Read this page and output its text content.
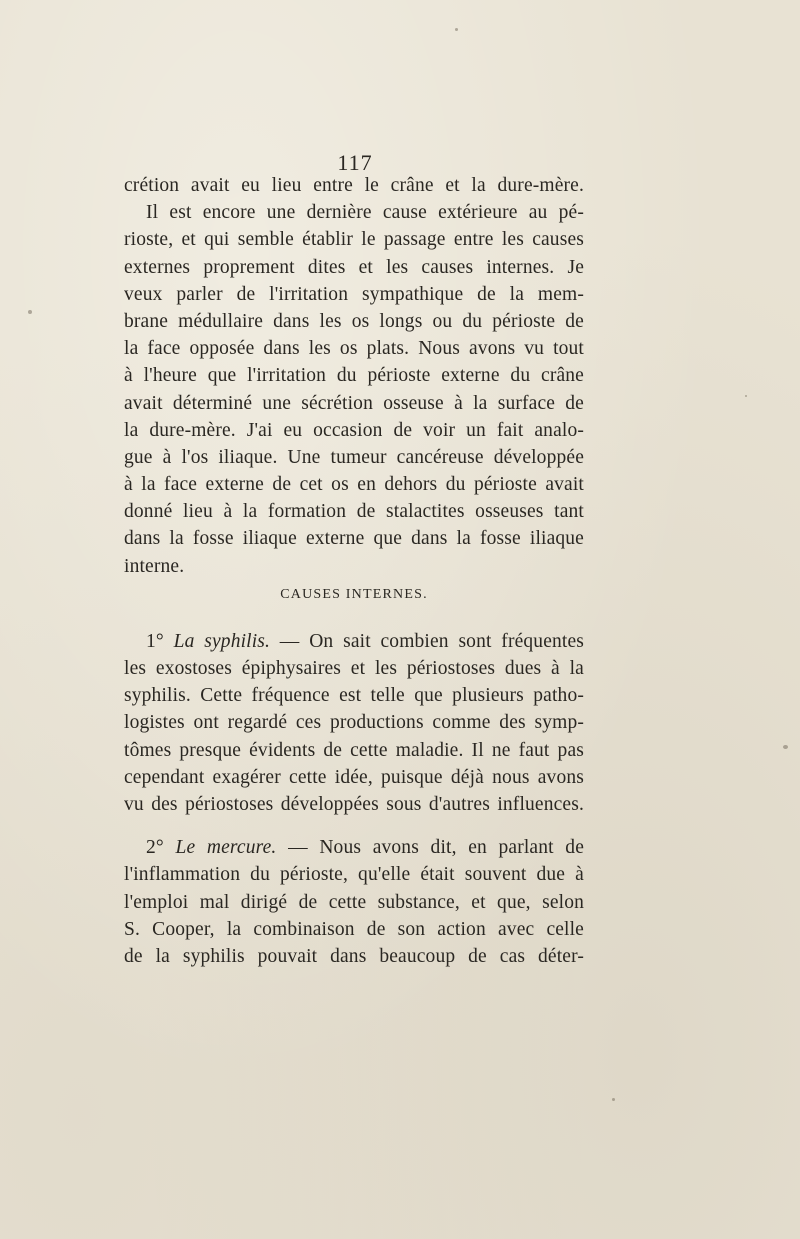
117
crétion avait eu lieu entre le crâne et la dure-mère.
Il est encore une dernière cause extérieure au pé-
rioste, et qui semble établir le passage entre les causes
externes proprement dites et les causes internes. Je
veux parler de l'irritation sympathique de la mem-
brane médullaire dans les os longs ou du périoste de
la face opposée dans les os plats. Nous avons vu tout
à l'heure que l'irritation du périoste externe du crâne
avait déterminé une sécrétion osseuse à la surface de
la dure-mère. J'ai eu occasion de voir un fait analo-
gue à l'os iliaque. Une tumeur cancéreuse développée
à la face externe de cet os en dehors du périoste avait
donné lieu à la formation de stalactites osseuses tant
dans la fosse iliaque externe que dans la fosse iliaque
interne.
CAUSES INTERNES.
1° La syphilis. — On sait combien sont fréquentes
les exostoses épiphysaires et les périostoses dues à la
syphilis. Cette fréquence est telle que plusieurs patho-
logistes ont regardé ces productions comme des symp-
tômes presque évidents de cette maladie. Il ne faut pas
cependant exagérer cette idée, puisque déjà nous avons
vu des périostoses développées sous d'autres influences.
2° Le mercure. — Nous avons dit, en parlant de
l'inflammation du périoste, qu'elle était souvent due à
l'emploi mal dirigé de cette substance, et que, selon
S. Cooper, la combinaison de son action avec celle
de la syphilis pouvait dans beaucoup de cas déter-
